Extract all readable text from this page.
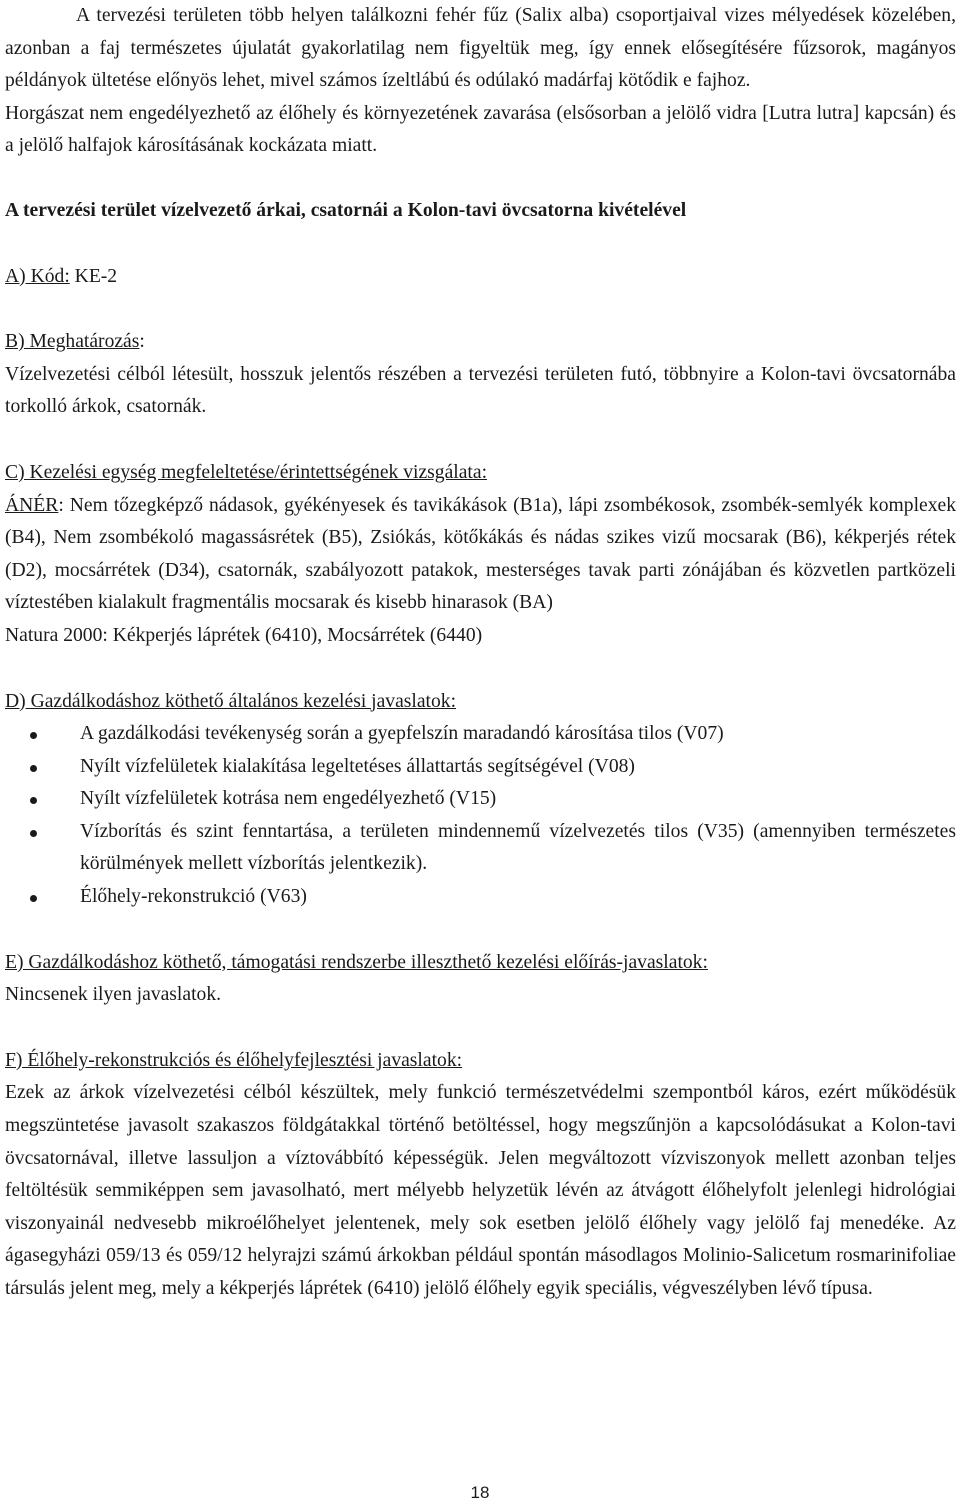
A tervezési területen több helyen találkozni fehér fűz (Salix alba) csoportjaival vizes mélyedések közelében, azonban a faj természetes újulatát gyakorlatilag nem figyeltük meg, így ennek elősegítésére fűzsorok, magányos példányok ültetése előnyös lehet, mivel számos ízeltlábú és odúlakó madárfaj kötődik e fajhoz.

Horgászat nem engedélyezhető az élőhely és környezetének zavarása (elsősorban a jelölő vidra [Lutra lutra] kapcsán) és a jelölő halfajok károsításának kockázata miatt.

A tervezési terület vízelvezető árkai, csatornái a Kolon-tavi övcsatorna kivételével

A) Kód: KE-2

B) Meghatározás:

Vízelvezetési célból létesült, hosszuk jelentős részében a tervezési területen futó, többnyire a Kolon-tavi övcsatornába torkolló árkok, csatornák.

C) Kezelési egység megfeleltetése/érintettségének vizsgálata:

ÁNÉR: Nem tőzegképző nádasok, gyékényesek és tavikákások (B1a), lápi zsombékosok, zsombék-semlyék komplexek (B4), Nem zsombékoló magassásrétek (B5), Zsiókás, kötőkákás és nádas szikes vizű mocsarak (B6), kékperjés rétek (D2), mocsárrétek (D34), csatornák, szabályozott patakok, mesterséges tavak parti zónájában és közvetlen partközeli víztestében kialakult fragmentális mocsarak és kisebb hinarasok (BA)

Natura 2000: Kékperjés láprétek (6410), Mocsárrétek (6440)

D) Gazdálkodáshoz köthető általános kezelési javaslatok:

A gazdálkodási tevékenység során a gyepfelszín maradandó károsítása tilos (V07)
Nyílt vízfelületek kialakítása legeltetéses állattartás segítségével (V08)
Nyílt vízfelületek kotrása nem engedélyezhető (V15)
Vízborítás és szint fenntartása, a területen mindennemű vízelvezetés tilos (V35) (amennyiben természetes körülmények mellett vízborítás jelentkezik).
Élőhely-rekonstrukció (V63)

E) Gazdálkodáshoz köthető, támogatási rendszerbe illeszthető kezelési előírás-javaslatok:

Nincsenek ilyen javaslatok.

F) Élőhely-rekonstrukciós és élőhelyfejlesztési javaslatok:

Ezek az árkok vízelvezetési célból készültek, mely funkció természetvédelmi szempontból káros, ezért működésük megszüntetése javasolt szakaszos földgátakkal történő betöltéssel, hogy megszűnjön a kapcsolódásukat a Kolon-tavi övcsatornával, illetve lassuljon a víztovábbító képességük. Jelen megváltozott vízviszonyok mellett azonban teljes feltöltésük semmiképpen sem javasolható, mert mélyebb helyzetük lévén az átvágott élőhelyfolt jelenlegi hidrológiai viszonyainál nedvesebb mikroélőhelyet jelentenek, mely sok esetben jelölő élőhely vagy jelölő faj menedéke. Az ágasegyházi 059/13 és 059/12 helyrajzi számú árkokban például spontán másodlagos Molinio-Salicetum rosmarinifoliae társulás jelent meg, mely a kékperjés láprétek (6410) jelölő élőhely egyik speciális, végveszélyben lévő típusa.

18
